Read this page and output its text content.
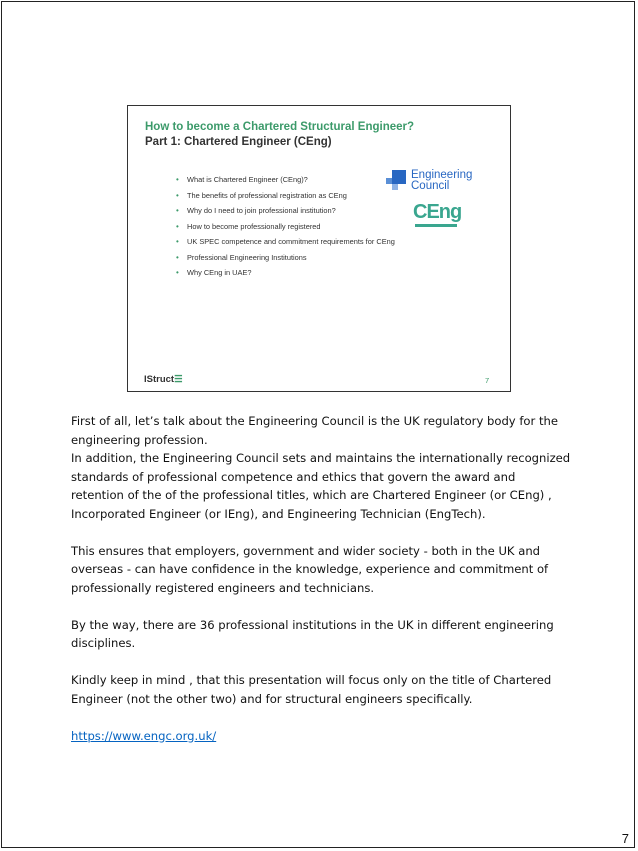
How to become a Chartered Structural Engineer?
Part 1: Chartered Engineer (CEng)
• What is Chartered Engineer (CEng)?
• The benefits of professional registration as CEng
• Why do I need to join professional institution?
• How to become professionally registered
• UK SPEC competence and commitment requirements for CEng
• Professional Engineering Institutions
• Why CEng in UAE?
Engineering
Council
CEng
IStruct☰	7

First of all, let’s talk about the Engineering Council is the UK regulatory body for the engineering profession.

In addition, the Engineering Council sets and maintains the internationally recognized standards of professional competence and ethics that govern the award and retention of the of the professional titles, which are Chartered Engineer (or CEng) , Incorporated Engineer (or IEng), and Engineering Technician (EngTech).

This ensures that employers, government and wider society - both in the UK and overseas - can have confidence in the knowledge, experience and commitment of professionally registered engineers and technicians.

By the way, there are 36 professional institutions in the UK in different engineering disciplines.

Kindly keep in mind , that this presentation will focus only on the title of Chartered Engineer (not the other two) and for structural engineers specifically.

https://www.engc.org.uk/

7
